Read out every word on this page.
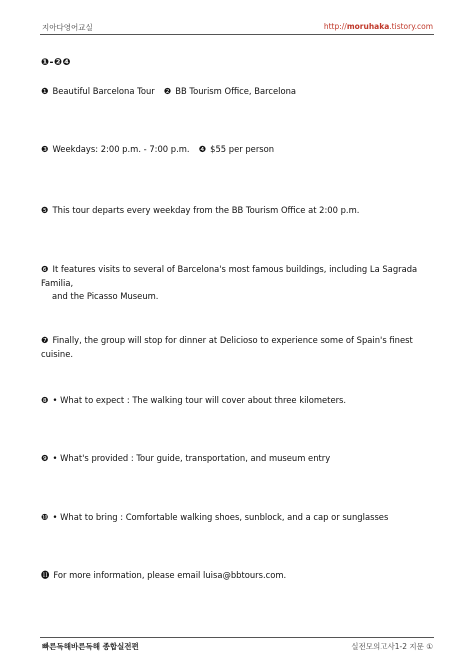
지아다영어교실	http://moruhaka.tistory.com
❶-❷❹
❶ Beautiful Barcelona Tour ❷ BB Tourism Office, Barcelona
❸ Weekdays: 2:00 p.m. - 7:00 p.m. ❹ $55 per person
❺ This tour departs every weekday from the BB Tourism Office at 2:00 p.m.
❻ It features visits to several of Barcelona's most famous buildings, including La Sagrada Familia,
and the Picasso Museum.
❼ Finally, the group will stop for dinner at Delicioso to experience some of Spain's finest cuisine.
❽ • What to expect : The walking tour will cover about three kilometers.
❾ • What's provided : Tour guide, transportation, and museum entry
❿ • What to bring : Comfortable walking shoes, sunblock, and a cap or sunglasses
⓫ For more information, please email luisa@bbtours.com.
빠른독해바른독해 종합실전편	실전모의고사1-2 지문 ①
